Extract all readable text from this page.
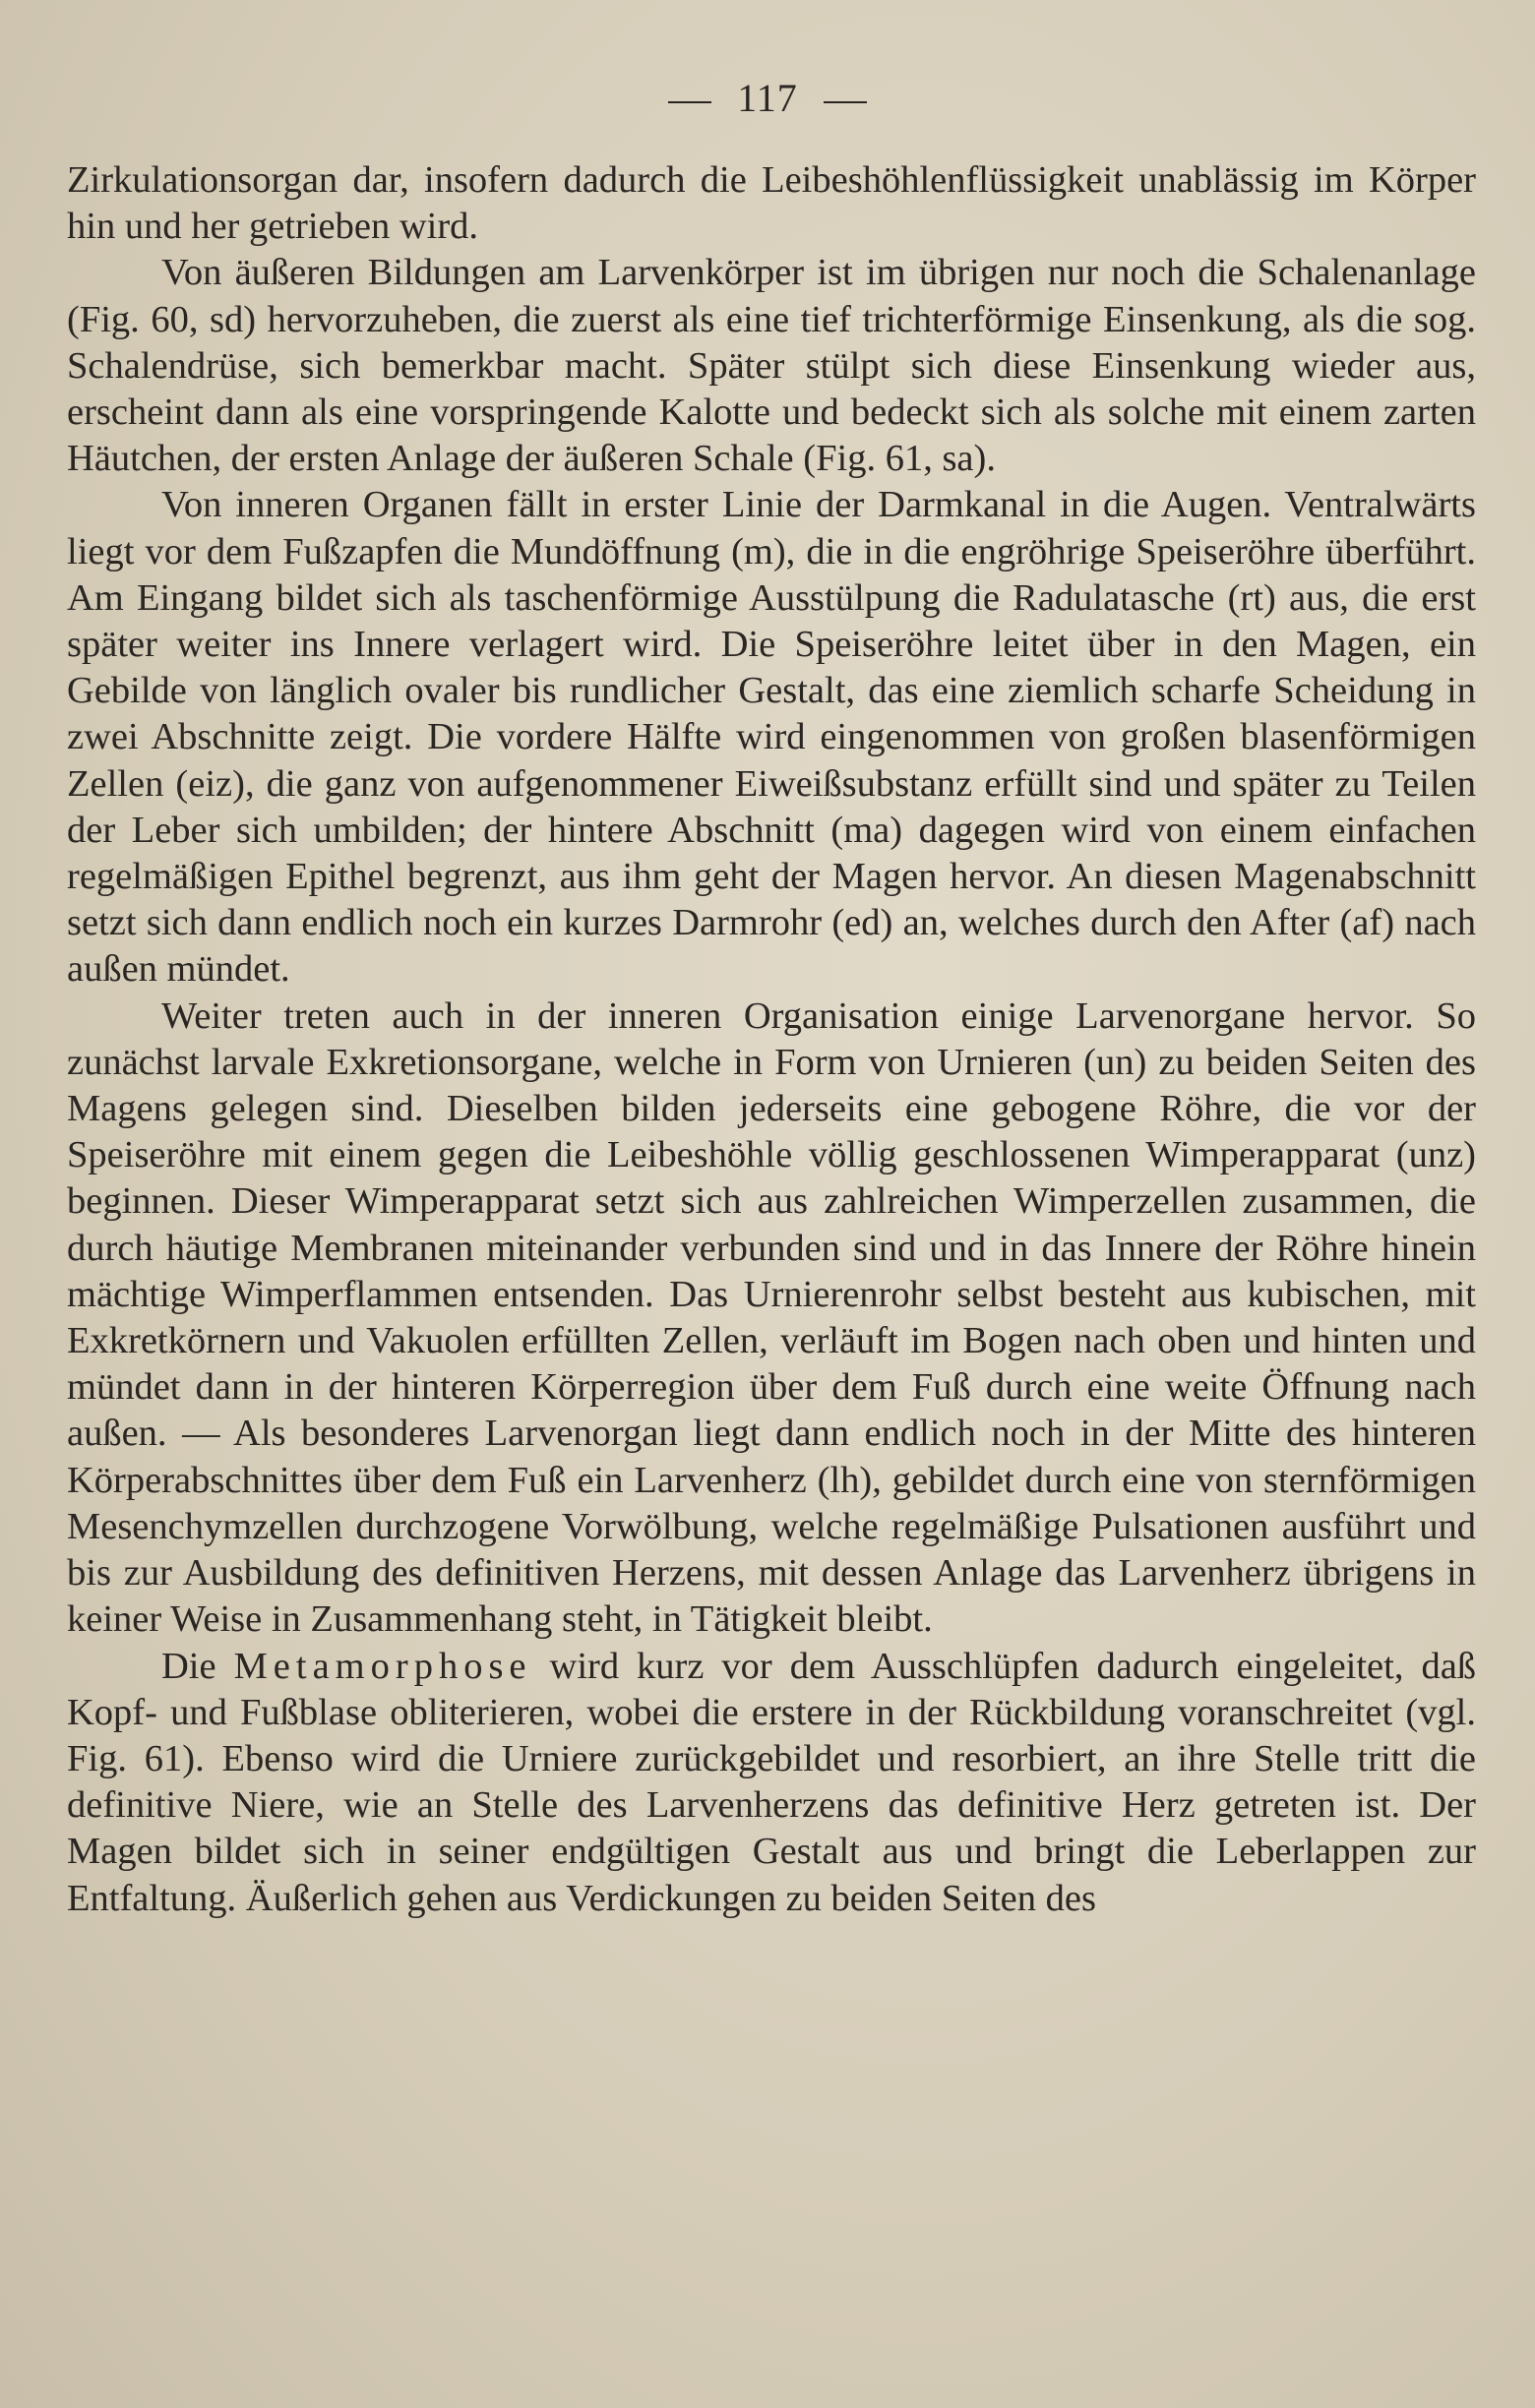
117

Zirkulationsorgan dar, insofern dadurch die Leibeshöhlenflüssigkeit unablässig im Körper hin und her getrieben wird.

Von äußeren Bildungen am Larvenkörper ist im übrigen nur noch die Schalenanlage (Fig. 60, sd) hervorzuheben, die zuerst als eine tief trichterförmige Einsenkung, als die sog. Schalendrüse, sich bemerkbar macht. Später stülpt sich diese Einsenkung wieder aus, erscheint dann als eine vorspringende Kalotte und bedeckt sich als solche mit einem zarten Häutchen, der ersten Anlage der äußeren Schale (Fig. 61, sa).

Von inneren Organen fällt in erster Linie der Darmkanal in die Augen. Ventralwärts liegt vor dem Fußzapfen die Mundöffnung (m), die in die engröhrige Speiseröhre überführt. Am Eingang bildet sich als taschenförmige Ausstülpung die Radulatasche (rt) aus, die erst später weiter ins Innere verlagert wird. Die Speiseröhre leitet über in den Magen, ein Gebilde von länglich ovaler bis rundlicher Gestalt, das eine ziemlich scharfe Scheidung in zwei Abschnitte zeigt. Die vordere Hälfte wird eingenommen von großen blasenförmigen Zellen (eiz), die ganz von aufgenommener Eiweißsubstanz erfüllt sind und später zu Teilen der Leber sich umbilden; der hintere Abschnitt (ma) dagegen wird von einem einfachen regelmäßigen Epithel begrenzt, aus ihm geht der Magen hervor. An diesen Magenabschnitt setzt sich dann endlich noch ein kurzes Darmrohr (ed) an, welches durch den After (af) nach außen mündet.

Weiter treten auch in der inneren Organisation einige Larvenorgane hervor. So zunächst larvale Exkretionsorgane, welche in Form von Urnieren (un) zu beiden Seiten des Magens gelegen sind. Dieselben bilden jederseits eine gebogene Röhre, die vor der Speiseröhre mit einem gegen die Leibeshöhle völlig geschlossenen Wimperapparat (unz) beginnen. Dieser Wimperapparat setzt sich aus zahlreichen Wimperzellen zusammen, die durch häutige Membranen miteinander verbunden sind und in das Innere der Röhre hinein mächtige Wimperflammen entsenden. Das Urnierenrohr selbst besteht aus kubischen, mit Exkretkörnern und Vakuolen erfüllten Zellen, verläuft im Bogen nach oben und hinten und mündet dann in der hinteren Körperregion über dem Fuß durch eine weite Öffnung nach außen. — Als besonderes Larvenorgan liegt dann endlich noch in der Mitte des hinteren Körperabschnittes über dem Fuß ein Larvenherz (lh), gebildet durch eine von sternförmigen Mesenchymzellen durchzogene Vorwölbung, welche regelmäßige Pulsationen ausführt und bis zur Ausbildung des definitiven Herzens, mit dessen Anlage das Larvenherz übrigens in keiner Weise in Zusammenhang steht, in Tätigkeit bleibt.

Die Metamorphose wird kurz vor dem Ausschlüpfen dadurch eingeleitet, daß Kopf- und Fußblase obliterieren, wobei die erstere in der Rückbildung voranschreitet (vgl. Fig. 61). Ebenso wird die Urniere zurückgebildet und resorbiert, an ihre Stelle tritt die definitive Niere, wie an Stelle des Larvenherzens das definitive Herz getreten ist. Der Magen bildet sich in seiner endgültigen Gestalt aus und bringt die Leberlappen zur Entfaltung. Äußerlich gehen aus Verdickungen zu beiden Seiten des
